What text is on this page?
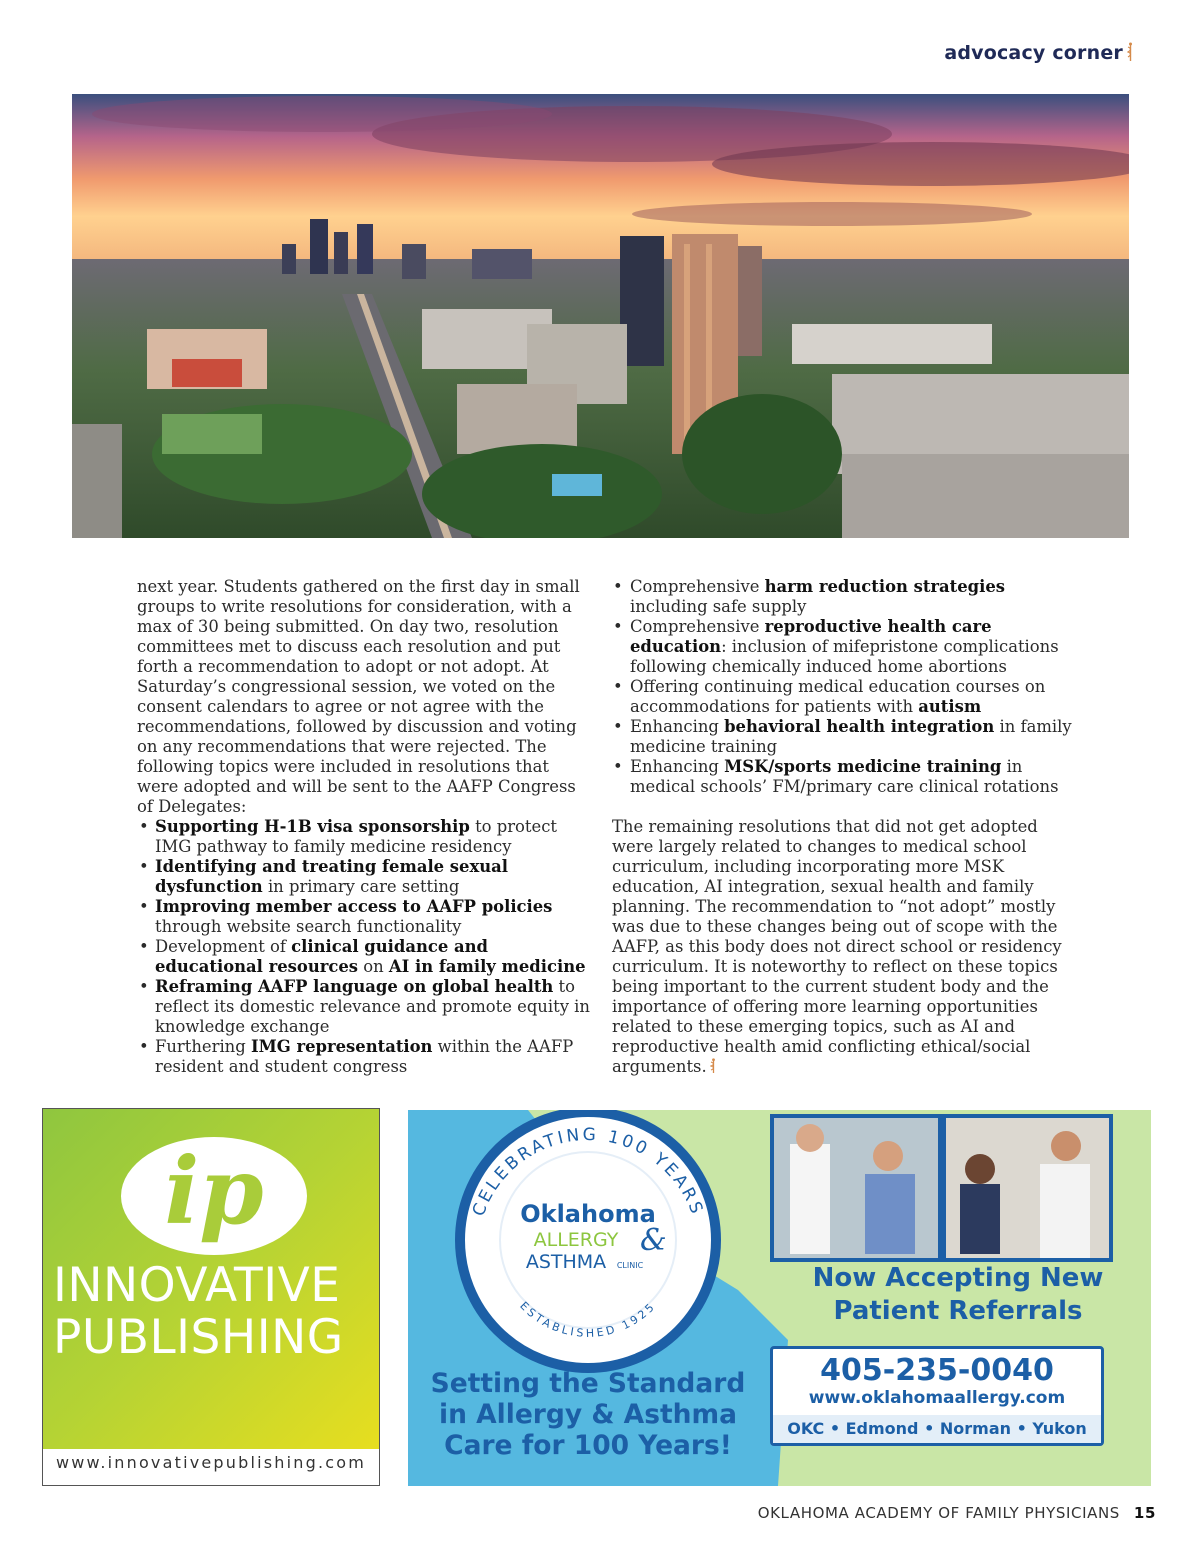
advocacy corner

next year. Students gathered on the first day in small groups to write resolutions for consideration, with a max of 30 being submitted. On day two, resolution committees met to discuss each resolution and put forth a recommendation to adopt or not adopt. At Saturday’s congressional session, we voted on the consent calendars to agree or not agree with the recommendations, followed by discussion and voting on any recommendations that were rejected. The following topics were included in resolutions that were adopted and will be sent to the AAFP Congress of Delegates:

• Supporting H-1B visa sponsorship to protect IMG pathway to family medicine residency
• Identifying and treating female sexual dysfunction in primary care setting
• Improving member access to AAFP policies through website search functionality
• Development of clinical guidance and educational resources on AI in family medicine
• Reframing AAFP language on global health to reflect its domestic relevance and promote equity in knowledge exchange
• Furthering IMG representation within the AAFP resident and student congress
• Comprehensive harm reduction strategies including safe supply
• Comprehensive reproductive health care education: inclusion of mifepristone complications following chemically induced home abortions
• Offering continuing medical education courses on accommodations for patients with autism
• Enhancing behavioral health integration in family medicine training
• Enhancing MSK/sports medicine training in medical schools’ FM/primary care clinical rotations

The remaining resolutions that did not get adopted were largely related to changes to medical school curriculum, including incorporating more MSK education, AI integration, sexual health and family planning. The recommendation to “not adopt” mostly was due to these changes being out of scope with the AAFP, as this body does not direct school or residency curriculum. It is noteworthy to reflect on these topics being important to the current student body and the importance of offering more learning opportunities related to these emerging topics, such as AI and reproductive health amid conflicting ethical/social arguments.

ip
INNOVATIVE
PUBLISHING
www.innovativepublishing.com
CELEBRATING 100 YEARS
ESTABLISHED 1925
Oklahoma
ALLERGY
ASTHMA CLINIC
&
Now Accepting New
Patient Referrals
405-235-0040
www.oklahomaallergy.com
OKC • Edmond • Norman • Yukon
Setting the Standard
in Allergy & Asthma
Care for 100 Years!
OKLAHOMA ACADEMY OF FAMILY PHYSICIANS 15
